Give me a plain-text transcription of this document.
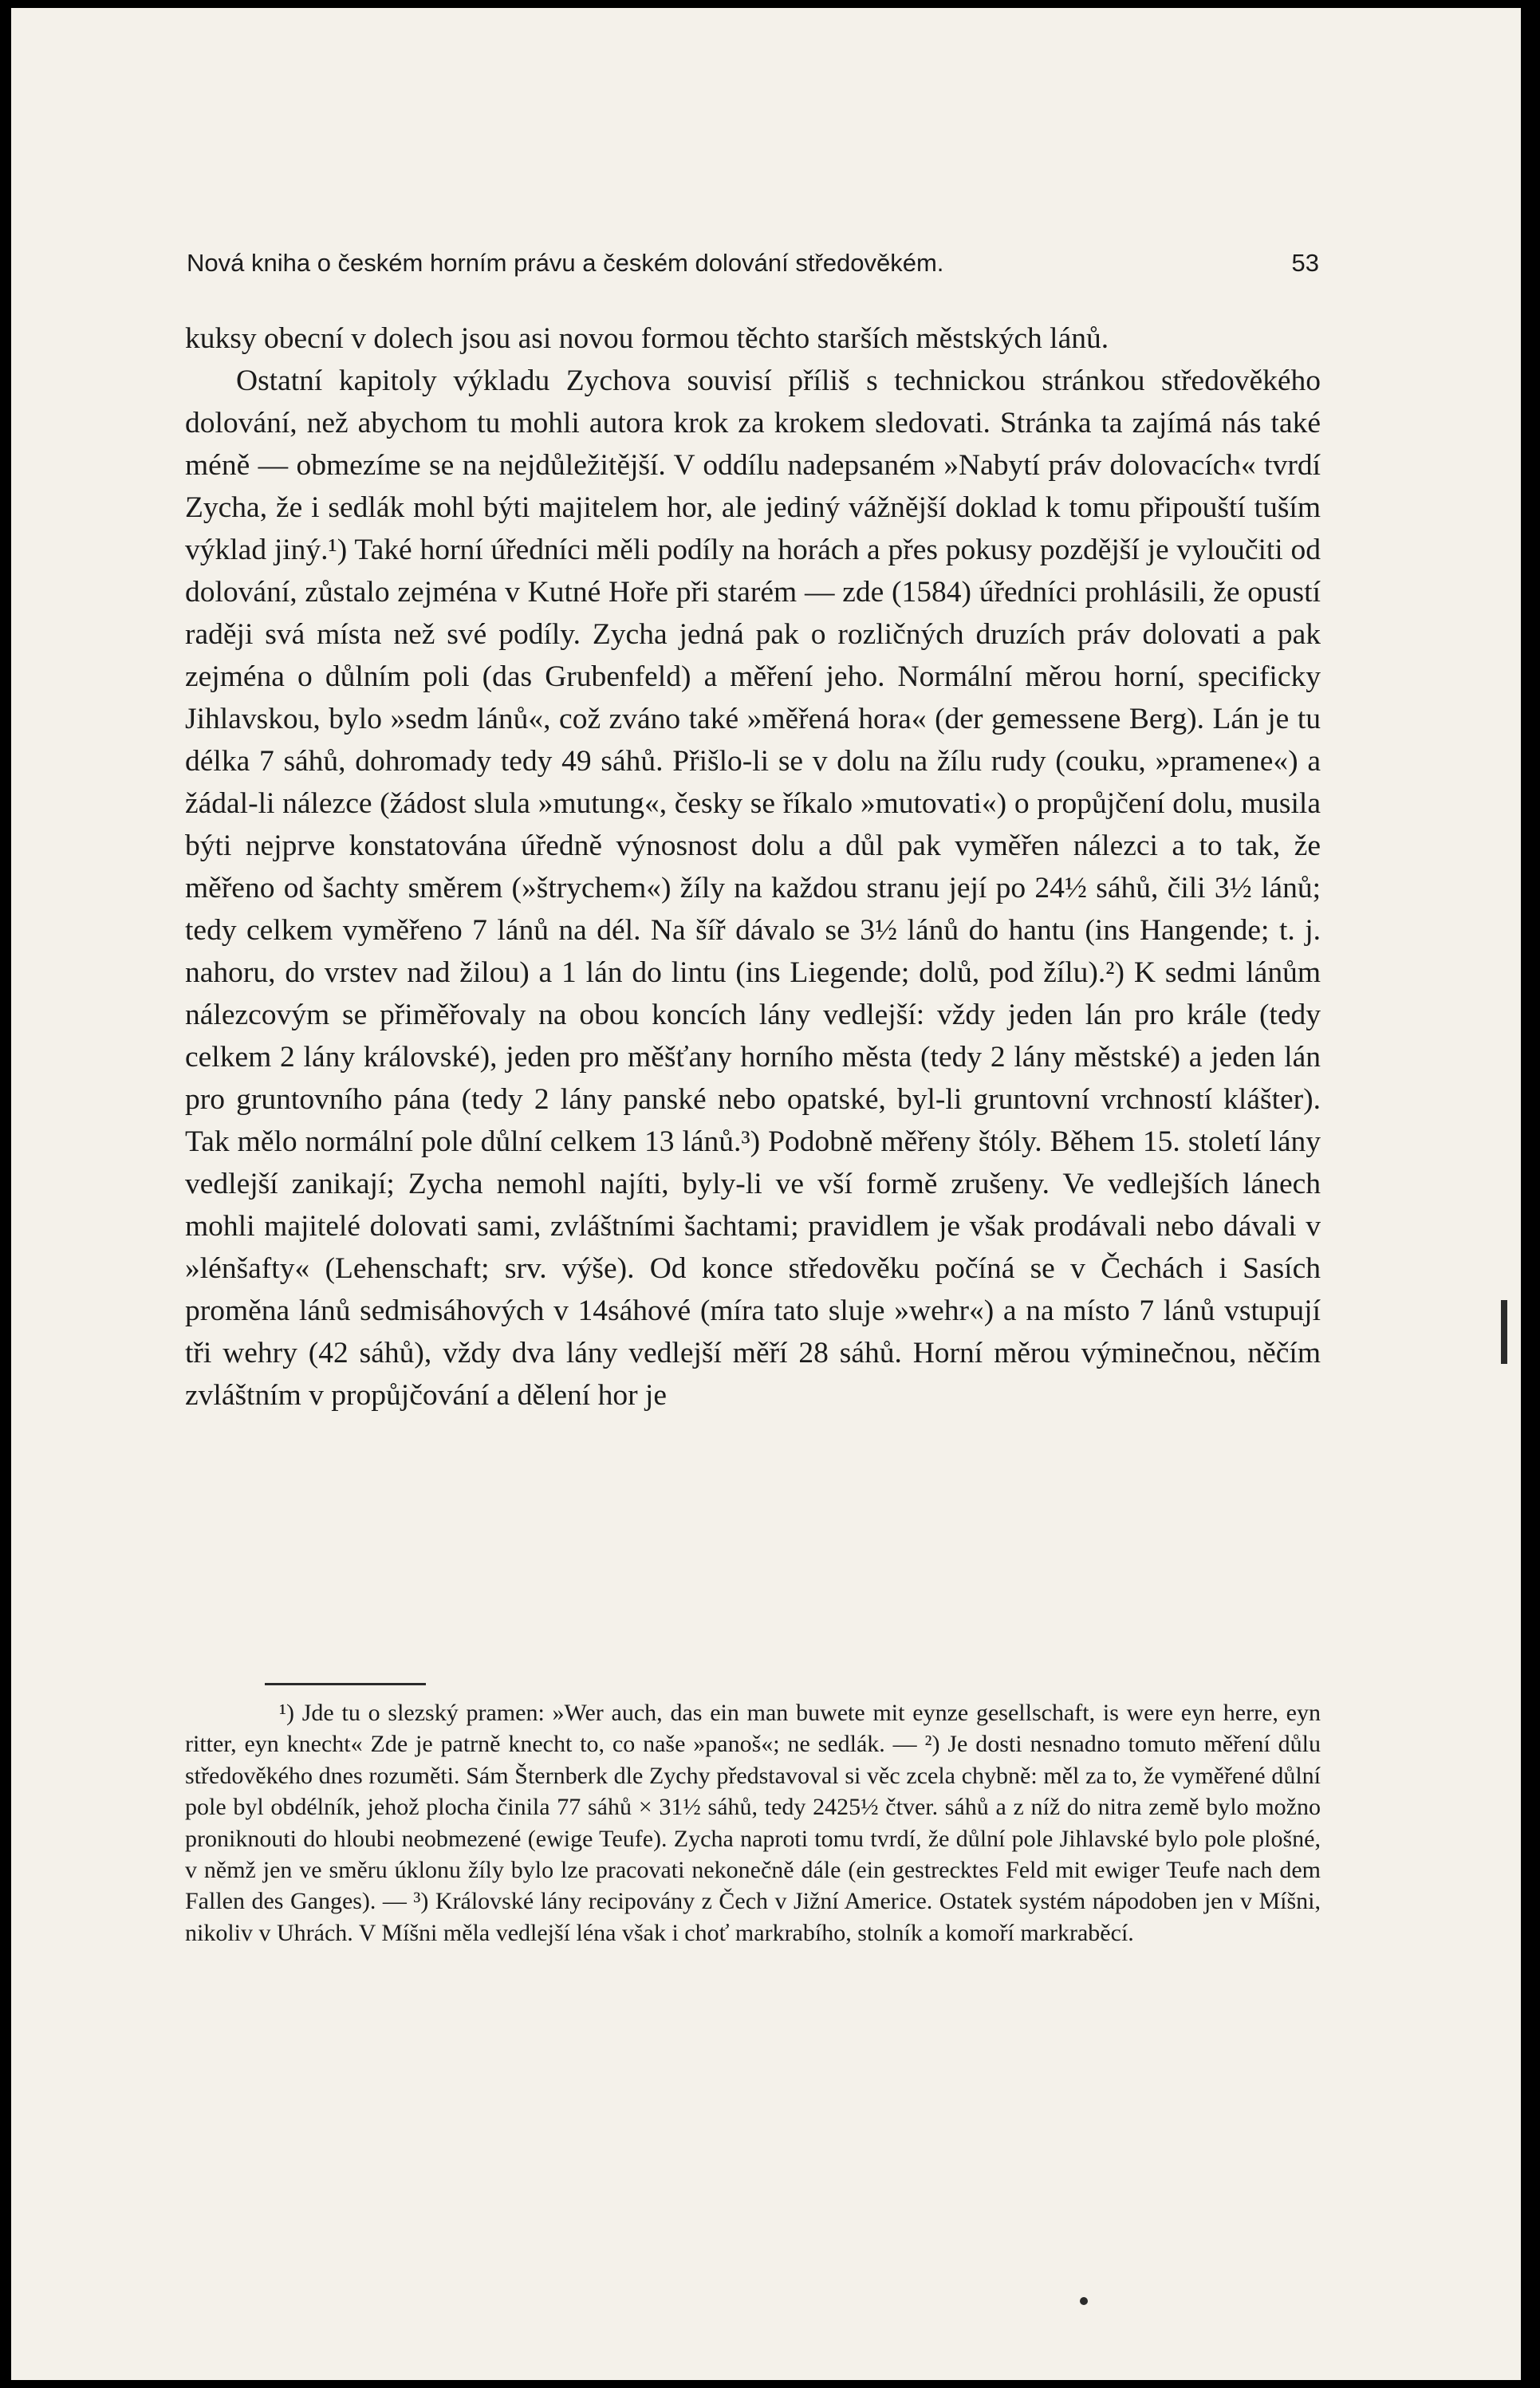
Nová kniha o českém horním právu a českém dolování středověkém.	53

kuksy obecní v dolech jsou asi novou formou těchto starších městských lánů.

Ostatní kapitoly výkladu Zychova souvisí příliš s technickou stránkou středověkého dolování, než abychom tu mohli autora krok za krokem sledovati. Stránka ta zajímá nás také méně — obmezíme se na nejdůležitější. V oddílu nadepsaném »Nabytí práv dolovacích« tvrdí Zycha, že i sedlák mohl býti majitelem hor, ale jediný vážnější doklad k tomu připouští tuším výklad jiný.¹) Také horní úředníci měli podíly na horách a přes pokusy pozdější je vyloučiti od dolování, zůstalo zejména v Kutné Hoře při starém — zde (1584) úředníci prohlásili, že opustí raději svá místa než své podíly. Zycha jedná pak o rozličných druzích práv dolovati a pak zejména o důlním poli (das Grubenfeld) a měření jeho. Normální měrou horní, specificky Jihlavskou, bylo »sedm lánů«, což zváno také »měřená hora« (der gemessene Berg). Lán je tu délka 7 sáhů, dohromady tedy 49 sáhů. Přišlo-li se v dolu na žílu rudy (couku, »pramene«) a žádal-li nálezce (žádost slula »mutung«, česky se říkalo »mutovati«) o propůjčení dolu, musila býti nejprve konstatována úředně výnosnost dolu a důl pak vyměřen nálezci a to tak, že měřeno od šachty směrem (»štrychem«) žíly na každou stranu její po 24½ sáhů, čili 3½ lánů; tedy celkem vyměřeno 7 lánů na dél. Na šíř dávalo se 3½ lánů do hantu (ins Hangende; t. j. nahoru, do vrstev nad žilou) a 1 lán do lintu (ins Liegende; dolů, pod žílu).²) K sedmi lánům nálezcovým se přiměřovaly na obou koncích lány vedlejší: vždy jeden lán pro krále (tedy celkem 2 lány královské), jeden pro měšťany horního města (tedy 2 lány městské) a jeden lán pro gruntovního pána (tedy 2 lány panské nebo opatské, byl-li gruntovní vrchností klášter). Tak mělo normální pole důlní celkem 13 lánů.³) Podobně měřeny štóly. Během 15. století lány vedlejší zanikají; Zycha nemohl najíti, byly-li ve vší formě zrušeny. Ve vedlejších lánech mohli majitelé dolovati sami, zvláštními šachtami; pravidlem je však prodávali nebo dávali v »lénšafty« (Lehenschaft; srv. výše). Od konce středověku počíná se v Čechách i Sasích proměna lánů sedmisáhových v 14sáhové (míra tato sluje »wehr«) a na místo 7 lánů vstupují tři wehry (42 sáhů), vždy dva lány vedlejší měří 28 sáhů. Horní měrou výminečnou, něčím zvláštním v propůjčování a dělení hor je

¹) Jde tu o slezský pramen: »Wer auch, das ein man buwete mit eynze gesellschaft, is were eyn herre, eyn ritter, eyn knecht« Zde je patrně knecht to, co naše »panoš«; ne sedlák. — ²) Je dosti nesnadno tomuto měření důlu středověkého dnes rozuměti. Sám Šternberk dle Zychy představoval si věc zcela chybně: měl za to, že vyměřené důlní pole byl obdélník, jehož plocha činila 77 sáhů × 31½ sáhů, tedy 2425½ čtver. sáhů a z níž do nitra země bylo možno proniknouti do hloubi neobmezené (ewige Teufe). Zycha naproti tomu tvrdí, že důlní pole Jihlavské bylo pole plošné, v němž jen ve směru úklonu žíly bylo lze pracovati nekonečně dále (ein gestrecktes Feld mit ewiger Teufe nach dem Fallen des Ganges). — ³) Královské lány recipovány z Čech v Jižní Americe. Ostatek systém nápodoben jen v Míšni, nikoliv v Uhrách. V Míšni měla vedlejší léna však i choť markrabího, stolník a komoří markraběcí.
